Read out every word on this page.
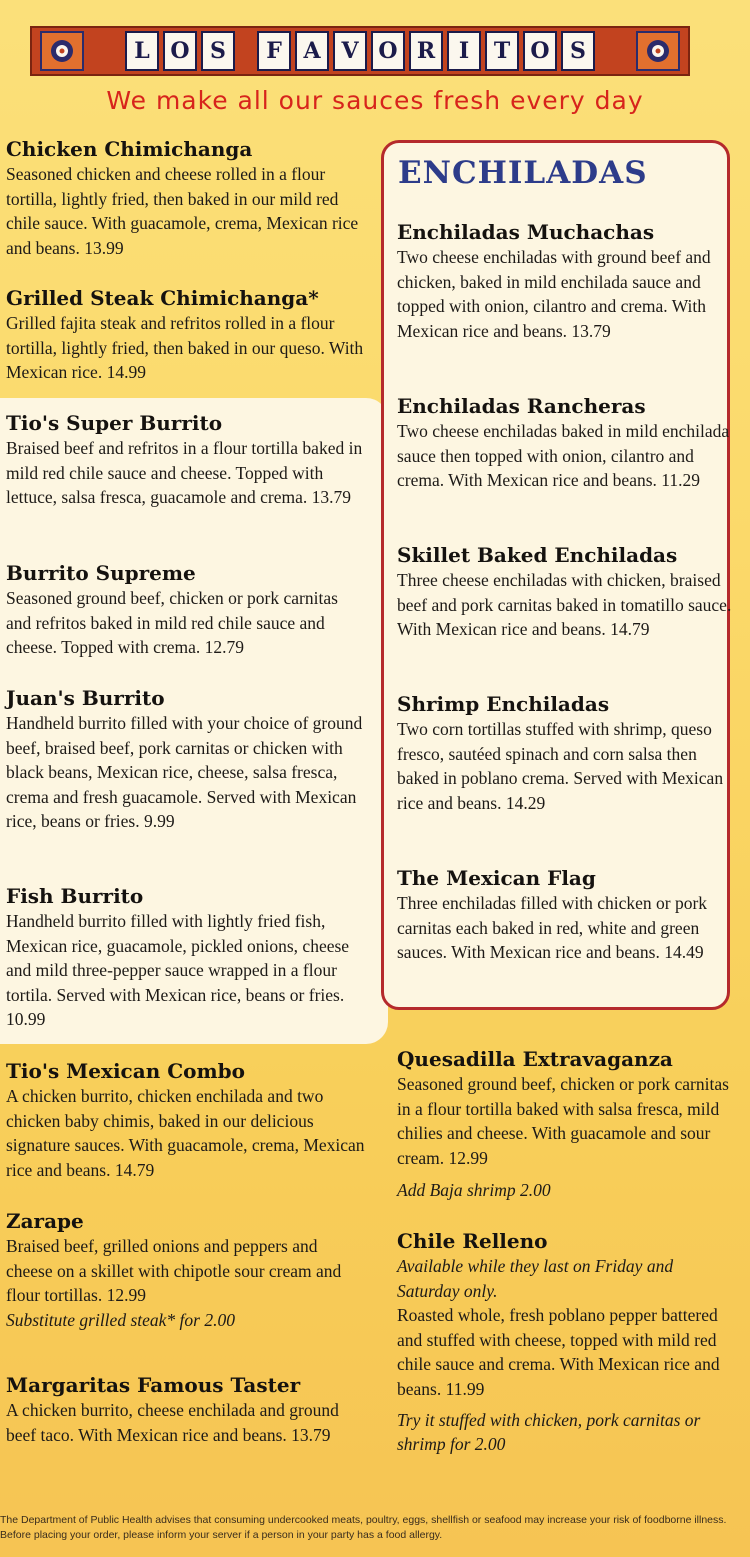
L O S	F A V O R	I	T O S
We make all our sauces fresh every day
ENCHILADAS
Chicken Chimichanga

Seasoned chicken and cheese rolled in a flour tortilla, lightly fried, then baked in our mild red chile sauce. With guacamole, crema, Mexican rice and beans. 13.99

Grilled Steak Chimichanga*

Grilled fajita steak and refritos rolled in a flour tortilla, lightly fried, then baked in our queso. With Mexican rice. 14.99

Tio's Super Burrito

Braised beef and refritos in a flour tortilla baked in mild red chile sauce and cheese. Topped with lettuce, salsa fresca, guacamole and crema. 13.79

Burrito Supreme

Seasoned ground beef, chicken or pork carnitas and refritos baked in mild red chile sauce and cheese. Topped with crema. 12.79

Juan's Burrito

Handheld burrito filled with your choice of ground beef, braised beef, pork carnitas or chicken with black beans, Mexican rice, cheese, salsa fresca, crema and fresh guacamole. Served with Mexican rice, beans or fries. 9.99

Fish Burrito

Handheld burrito filled with lightly fried fish, Mexican rice, guacamole, pickled onions, cheese and mild three-pepper sauce wrapped in a flour tortila. Served with Mexican rice, beans or fries. 10.99

Tio's Mexican Combo

A chicken burrito, chicken enchilada and two chicken baby chimis, baked in our delicious signature sauces. With guacamole, crema, Mexican rice and beans. 14.79

Zarape

Braised beef, grilled onions and peppers and cheese on a skillet with chipotle sour cream and flour tortillas. 12.99

Substitute grilled steak* for 2.00

Margaritas Famous Taster

A chicken burrito, cheese enchilada and ground beef taco. With Mexican rice and beans. 13.79

Enchiladas Muchachas

Two cheese enchiladas with ground beef and chicken, baked in mild enchilada sauce and topped with onion, cilantro and crema. With Mexican rice and beans. 13.79

Enchiladas Rancheras

Two cheese enchiladas baked in mild enchilada sauce then topped with onion, cilantro and crema. With Mexican rice and beans. 11.29

Skillet Baked Enchiladas

Three cheese enchiladas with chicken, braised beef and pork carnitas baked in tomatillo sauce. With Mexican rice and beans. 14.79

Shrimp Enchiladas

Two corn tortillas stuffed with shrimp, queso fresco, sautéed spinach and corn salsa then baked in poblano crema. Served with Mexican rice and beans. 14.29

The Mexican Flag

Three enchiladas filled with chicken or pork carnitas each baked in red, white and green sauces. With Mexican rice and beans. 14.49

Quesadilla Extravaganza

Seasoned ground beef, chicken or pork carnitas in a flour tortilla baked with salsa fresca, mild chilies and cheese. With guacamole and sour cream. 12.99

Add Baja shrimp 2.00

Chile Relleno

Available while they last on Friday and Saturday only.

Roasted whole, fresh poblano pepper battered and stuffed with cheese, topped with mild red chile sauce and crema. With Mexican rice and beans. 11.99

Try it stuffed with chicken, pork carnitas or shrimp for 2.00

The Department of Public Health advises that consuming undercooked meats, poultry, eggs, shellfish or seafood may increase your risk of foodborne illness.
Before placing your order, please inform your server if a person in your party has a food allergy.
